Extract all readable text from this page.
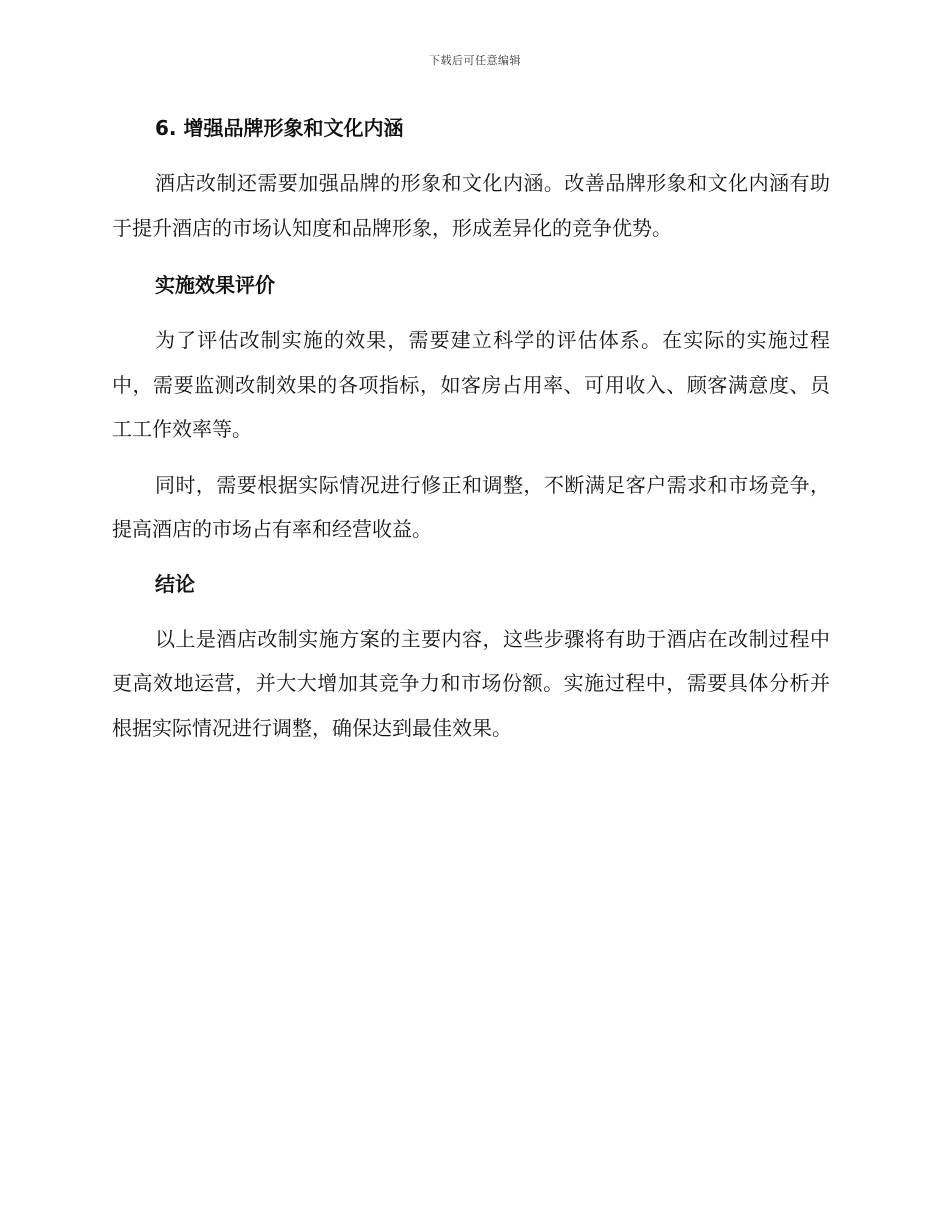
下载后可任意编辑
6. 增强品牌形象和文化内涵

酒店改制还需要加强品牌的形象和文化内涵。改善品牌形象和文化内涵有助于提升酒店的市场认知度和品牌形象，形成差异化的竞争优势。

实施效果评价

为了评估改制实施的效果，需要建立科学的评估体系。在实际的实施过程中，需要监测改制效果的各项指标，如客房占用率、可用收入、顾客满意度、员工工作效率等。

同时，需要根据实际情况进行修正和调整，不断满足客户需求和市场竞争，提高酒店的市场占有率和经营收益。

结论

以上是酒店改制实施方案的主要内容，这些步骤将有助于酒店在改制过程中更高效地运营，并大大增加其竞争力和市场份额。实施过程中，需要具体分析并根据实际情况进行调整，确保达到最佳效果。
